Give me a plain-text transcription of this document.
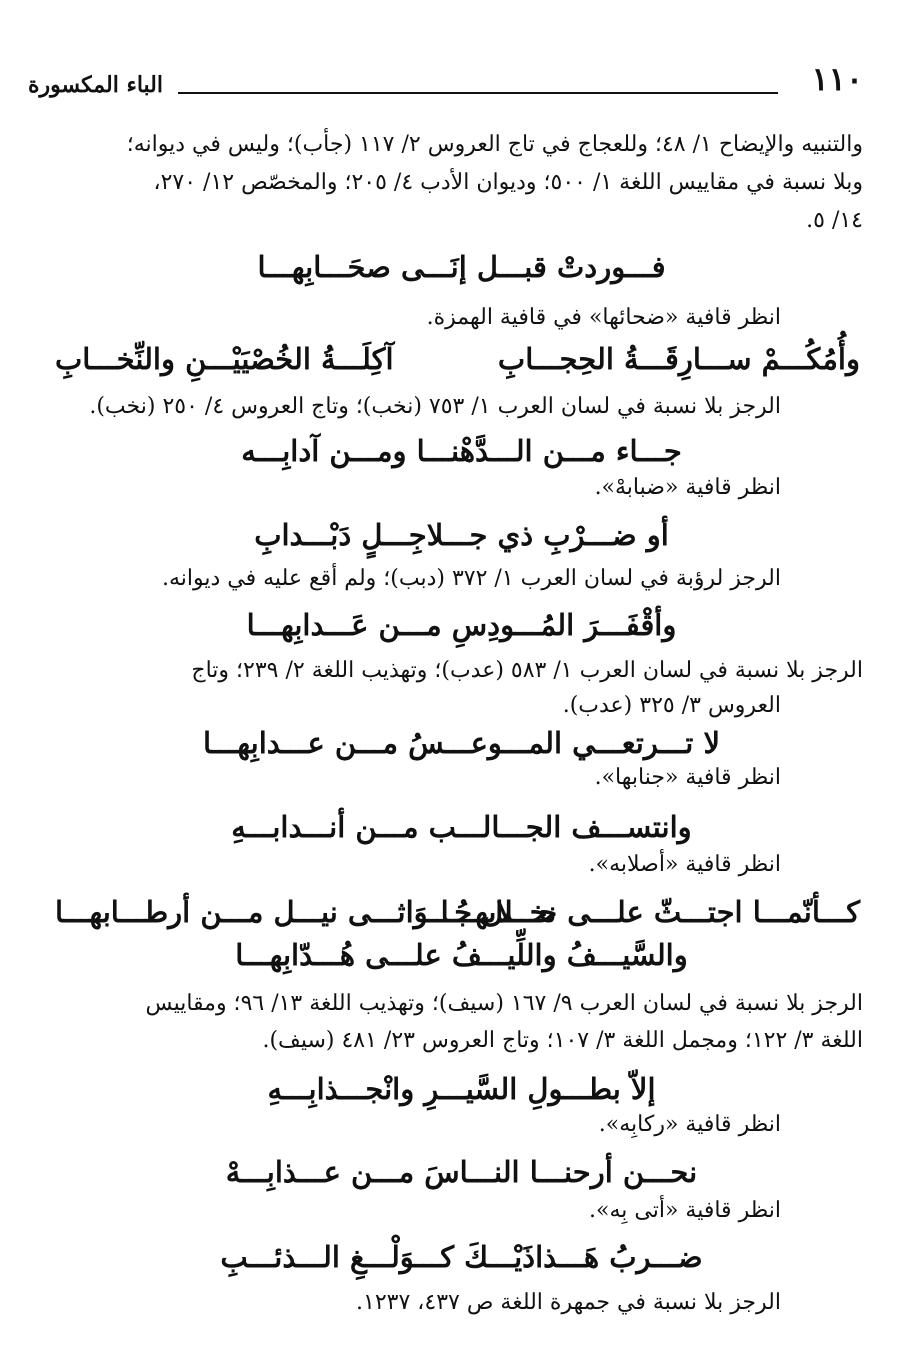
١١٠
الباء المكسورة
والتنبيه والإيضاح ١/ ٤٨؛ وللعجاج في تاج العروس ٢/ ١١٧ (جأب)؛ وليس في ديوانه؛
وبلا نسبة في مقاييس اللغة ١/ ٥٠٠؛ وديوان الأدب ٤/ ٢٠٥؛ والمخصّص ١٢/ ٢٧٠،
١٤/ ٥.
فـــوردتْ قبـــل إنَـــى صحَـــابِهـــا
انظر قافية «ضحائها» في قافية الهمزة.
وأُمُكُـــمْ ســـارِقَـــةُ الحِجـــابِ
آكِلَـــةُ الخُصْيَيْـــنِ والنِّخـــابِ
الرجز بلا نسبة في لسان العرب ١/ ٧٥٣ (نخب)؛ وتاج العروس ٤/ ٢٥٠ (نخب).
جـــاء مـــن الـــدَّهْنـــا ومـــن آدابِـــه
انظر قافية «ضبابهْ».
أو ضـــرْبِ ذي جـــلاجِـــلٍ دَبْـــدابِ
الرجز لرؤبة في لسان العرب ١/ ٣٧٢ (دبب)؛ ولم أقع عليه في ديوانه.
وأقْفَـــرَ المُـــودِسِ مـــن عَـــدابِهـــا
الرجز بلا نسبة في لسان العرب ١/ ٥٨٣ (عدب)؛ وتهذيب اللغة ٢/ ٢٣٩؛ وتاج
العروس ٣/ ٣٢٥ (عدب).
لا تـــرتعـــي المـــوعـــسُ مـــن عـــدابِهـــا
انظر قافية «جنابها».
وانتســـف الجـــالـــب مـــن أنـــدابـــهِ
انظر قافية «أصلابه».
كـــأنّمـــا اجتـــثّ علـــى حـــلابهـــا
نخـــل جُـــوَاثـــى نيـــل مـــن أرطـــابهـــا
والسَّيـــفُ واللِّيـــفُ علـــى هُـــدّابِهـــا
الرجز بلا نسبة في لسان العرب ٩/ ١٦٧ (سيف)؛ وتهذيب اللغة ١٣/ ٩٦؛ ومقاييس
اللغة ٣/ ١٢٢؛ ومجمل اللغة ٣/ ١٠٧؛ وتاج العروس ٢٣/ ٤٨١ (سيف).
إلاّ بطـــولِ السَّيـــرِ وانْجـــذابِـــهِ
انظر قافية «ركابِه».
نحـــن أرحنـــا النـــاسَ مـــن عـــذابِـــهْ
انظر قافية «أتى بِه».
ضـــربُ هَـــذاذَيْـــكَ كـــوَلْـــغِ الـــذئـــبِ
الرجز بلا نسبة في جمهرة اللغة ص ٤٣٧، ١٢٣٧.
